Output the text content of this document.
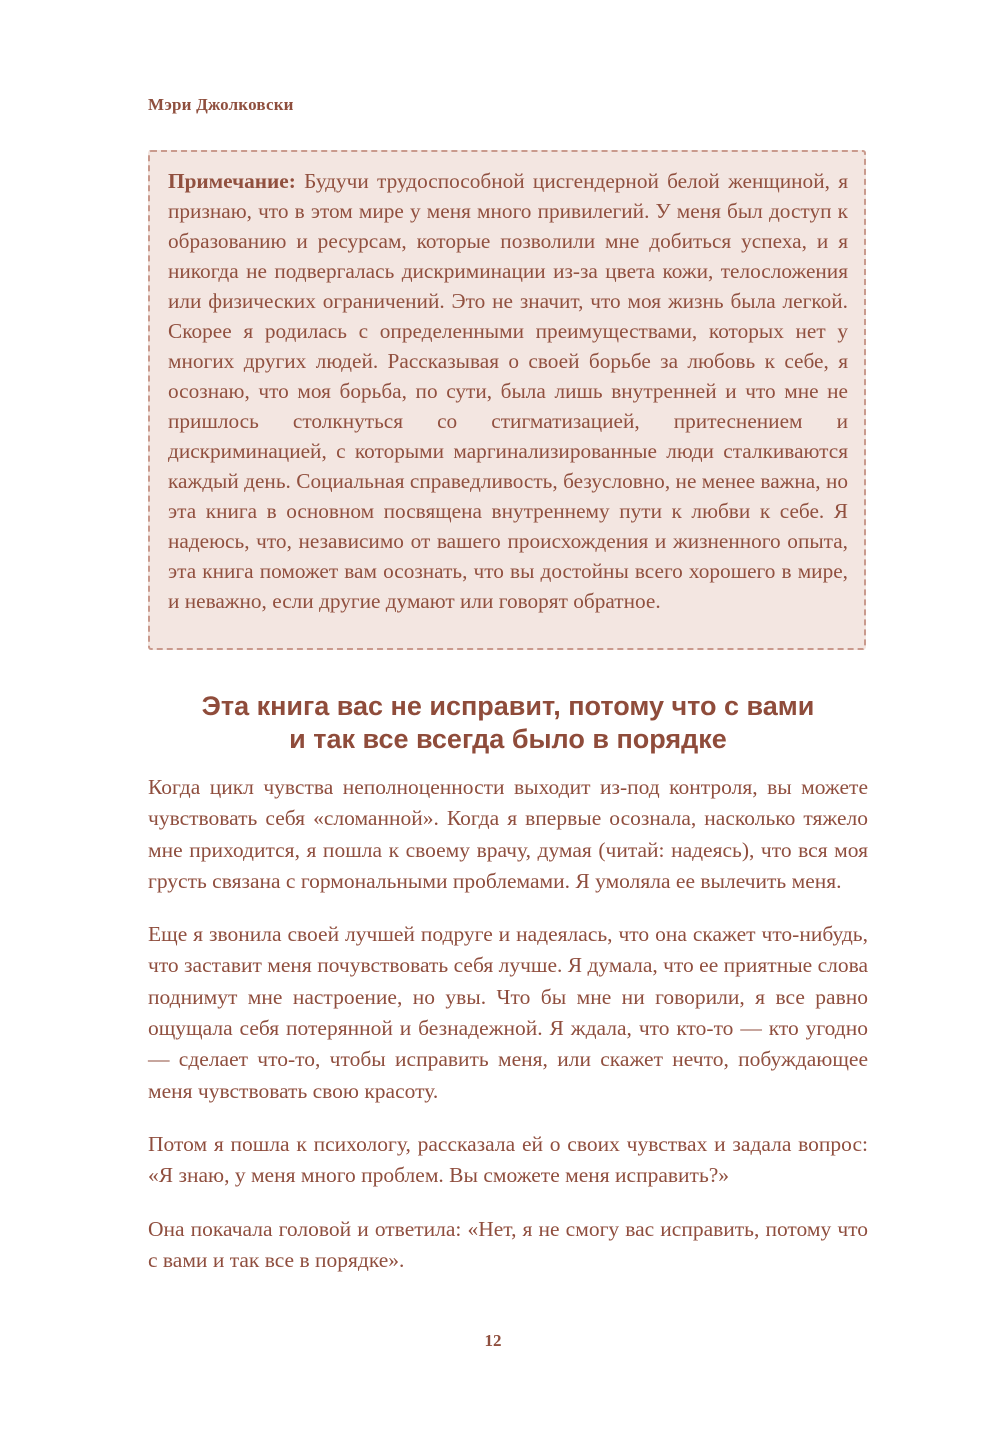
Мэри Джолковски

Примечание: Будучи трудоспособной цисгендерной белой женщиной, я признаю, что в этом мире у меня много привилегий. У меня был доступ к образованию и ресурсам, которые позволили мне добиться успеха, и я никогда не подвергалась дискриминации из-за цвета кожи, телосложения или физических ограничений. Это не значит, что моя жизнь была легкой. Скорее я родилась с определенными преимуществами, которых нет у многих других людей. Рассказывая о своей борьбе за любовь к себе, я осознаю, что моя борьба, по сути, была лишь внутренней и что мне не пришлось столкнуться со стигматизацией, притеснением и дискриминацией, с которыми маргинализированные люди сталкиваются каждый день. Социальная справедливость, безусловно, не менее важна, но эта книга в основном посвящена внутреннему пути к любви к себе. Я надеюсь, что, независимо от вашего происхождения и жизненного опыта, эта книга поможет вам осознать, что вы достойны всего хорошего в мире, и неважно, если другие думают или говорят обратное.

Эта книга вас не исправит, потому что с вами
и так все всегда было в порядке

Когда цикл чувства неполноценности выходит из-под контроля, вы можете чувствовать себя «сломанной». Когда я впервые осознала, насколько тяжело мне приходится, я пошла к своему врачу, думая (читай: надеясь), что вся моя грусть связана с гормональными проблемами. Я умоляла ее вылечить меня.

Еще я звонила своей лучшей подруге и надеялась, что она скажет что-нибудь, что заставит меня почувствовать себя лучше. Я думала, что ее приятные слова поднимут мне настроение, но увы. Что бы мне ни говорили, я все равно ощущала себя потерянной и безнадежной. Я ждала, что кто-то — кто угодно — сделает что-то, чтобы исправить меня, или скажет нечто, побуждающее меня чувствовать свою красоту.

Потом я пошла к психологу, рассказала ей о своих чувствах и задала вопрос: «Я знаю, у меня много проблем. Вы сможете меня исправить?»

Она покачала головой и ответила: «Нет, я не смогу вас исправить, потому что с вами и так все в порядке».

12
